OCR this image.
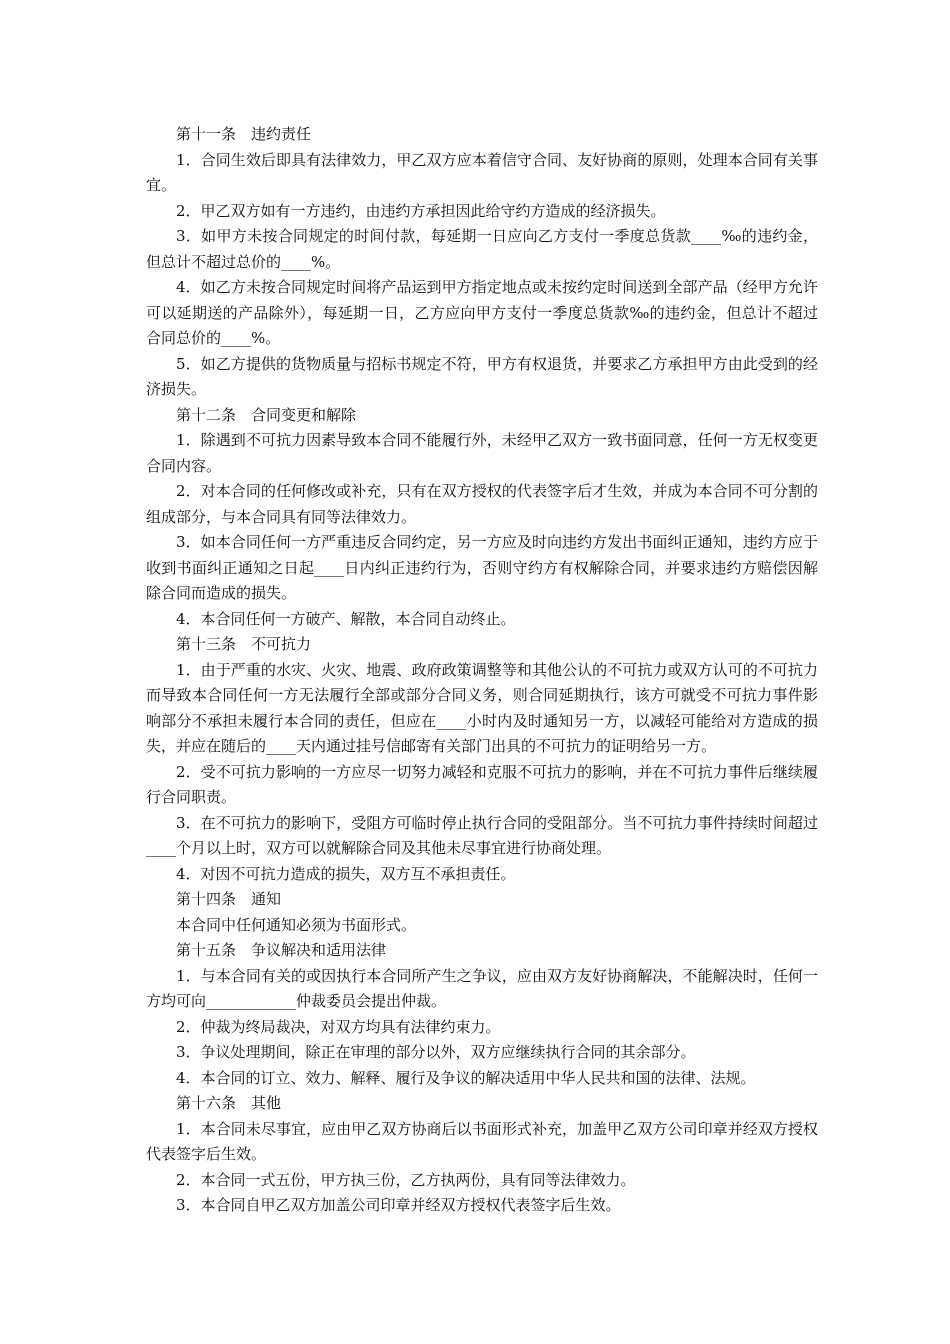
第十一条　违约责任

1．合同生效后即具有法律效力，甲乙双方应本着信守合同、友好协商的原则，处理本合同有关事宜。

2．甲乙双方如有一方违约，由违约方承担因此给守约方造成的经济损失。

3．如甲方未按合同规定的时间付款，每延期一日应向乙方支付一季度总货款____‰的违约金，但总计不超过总价的____%。

4．如乙方未按合同规定时间将产品运到甲方指定地点或未按约定时间送到全部产品（经甲方允许可以延期送的产品除外），每延期一日，乙方应向甲方支付一季度总货款‰的违约金，但总计不超过合同总价的____%。

5．如乙方提供的货物质量与招标书规定不符，甲方有权退货，并要求乙方承担甲方由此受到的经济损失。

第十二条　合同变更和解除

1．除遇到不可抗力因素导致本合同不能履行外，未经甲乙双方一致书面同意，任何一方无权变更合同内容。

2．对本合同的任何修改或补充，只有在双方授权的代表签字后才生效，并成为本合同不可分割的组成部分，与本合同具有同等法律效力。

3．如本合同任何一方严重违反合同约定，另一方应及时向违约方发出书面纠正通知，违约方应于收到书面纠正通知之日起____日内纠正违约行为，否则守约方有权解除合同，并要求违约方赔偿因解除合同而造成的损失。

4．本合同任何一方破产、解散，本合同自动终止。

第十三条　不可抗力

1．由于严重的水灾、火灾、地震、政府政策调整等和其他公认的不可抗力或双方认可的不可抗力而导致本合同任何一方无法履行全部或部分合同义务，则合同延期执行，该方可就受不可抗力事件影响部分不承担未履行本合同的责任，但应在____小时内及时通知另一方，以减轻可能给对方造成的损失，并应在随后的____天内通过挂号信邮寄有关部门出具的不可抗力的证明给另一方。

2．受不可抗力影响的一方应尽一切努力减轻和克服不可抗力的影响，并在不可抗力事件后继续履行合同职责。

3．在不可抗力的影响下，受阻方可临时停止执行合同的受阻部分。当不可抗力事件持续时间超过____个月以上时，双方可以就解除合同及其他未尽事宜进行协商处理。

4．对因不可抗力造成的损失，双方互不承担责任。

第十四条　通知

本合同中任何通知必须为书面形式。

第十五条　争议解决和适用法律

1．与本合同有关的或因执行本合同所产生之争议，应由双方友好协商解决，不能解决时，任何一方均可向____________仲裁委员会提出仲裁。

2．仲裁为终局裁决，对双方均具有法律约束力。

3．争议处理期间，除正在审理的部分以外，双方应继续执行合同的其余部分。

4．本合同的订立、效力、解释、履行及争议的解决适用中华人民共和国的法律、法规。

第十六条　其他

1．本合同未尽事宜，应由甲乙双方协商后以书面形式补充，加盖甲乙双方公司印章并经双方授权代表签字后生效。

2．本合同一式五份，甲方执三份，乙方执两份，具有同等法律效力。

3．本合同自甲乙双方加盖公司印章并经双方授权代表签字后生效。
